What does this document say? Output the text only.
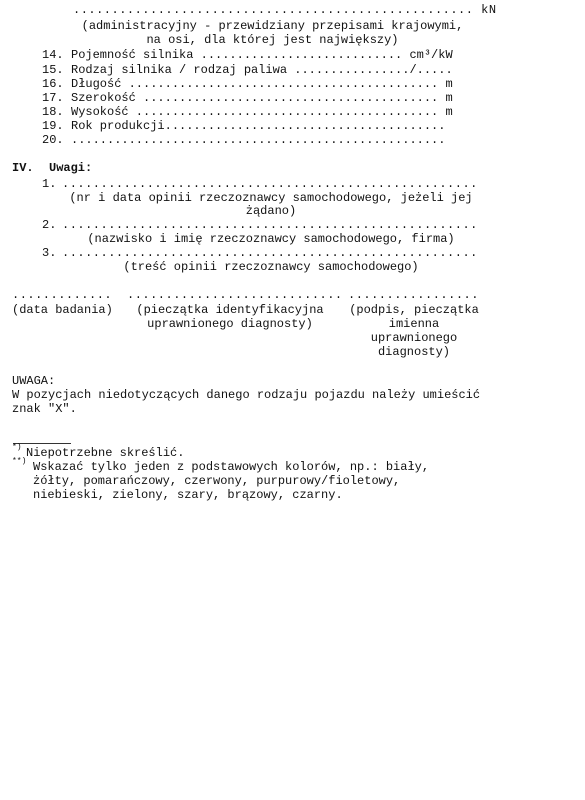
.................................................... kN
(administracyjny - przewidziany przepisami krajowymi,
na osi, dla której jest największy)
14. Pojemność silnika ............................ cm³/kW
15. Rodzaj silnika / rodzaj paliwa ................/.....
16. Długość ........................................... m
17. Szerokość ......................................... m
18. Wysokość .......................................... m
19. Rok produkcji.......................................
20. ....................................................
IV. Uwagi:
1. ......................................................
(nr i data opinii rzeczoznawcy samochodowego, jeżeli jej
żądano)
2. ......................................................
(nazwisko i imię rzeczoznawcy samochodowego, firma)
3. ......................................................
(treść opinii rzeczoznawcy samochodowego)
.............
(data badania)
............................
(pieczątka identyfikacyjna
uprawnionego diagnosty)
.................
(podpis, pieczątka
imienna
uprawnionego
diagnosty)
UWAGA:
W pozycjach niedotyczących danego rodzaju pojazdu należy umieścić
znak "X".
*) Niepotrzebne skreślić.
**) Wskazać tylko jeden z podstawowych kolorów, np.: biały,
żółty, pomarańczowy, czerwony, purpurowy/fioletowy,
niebieski, zielony, szary, brązowy, czarny.
